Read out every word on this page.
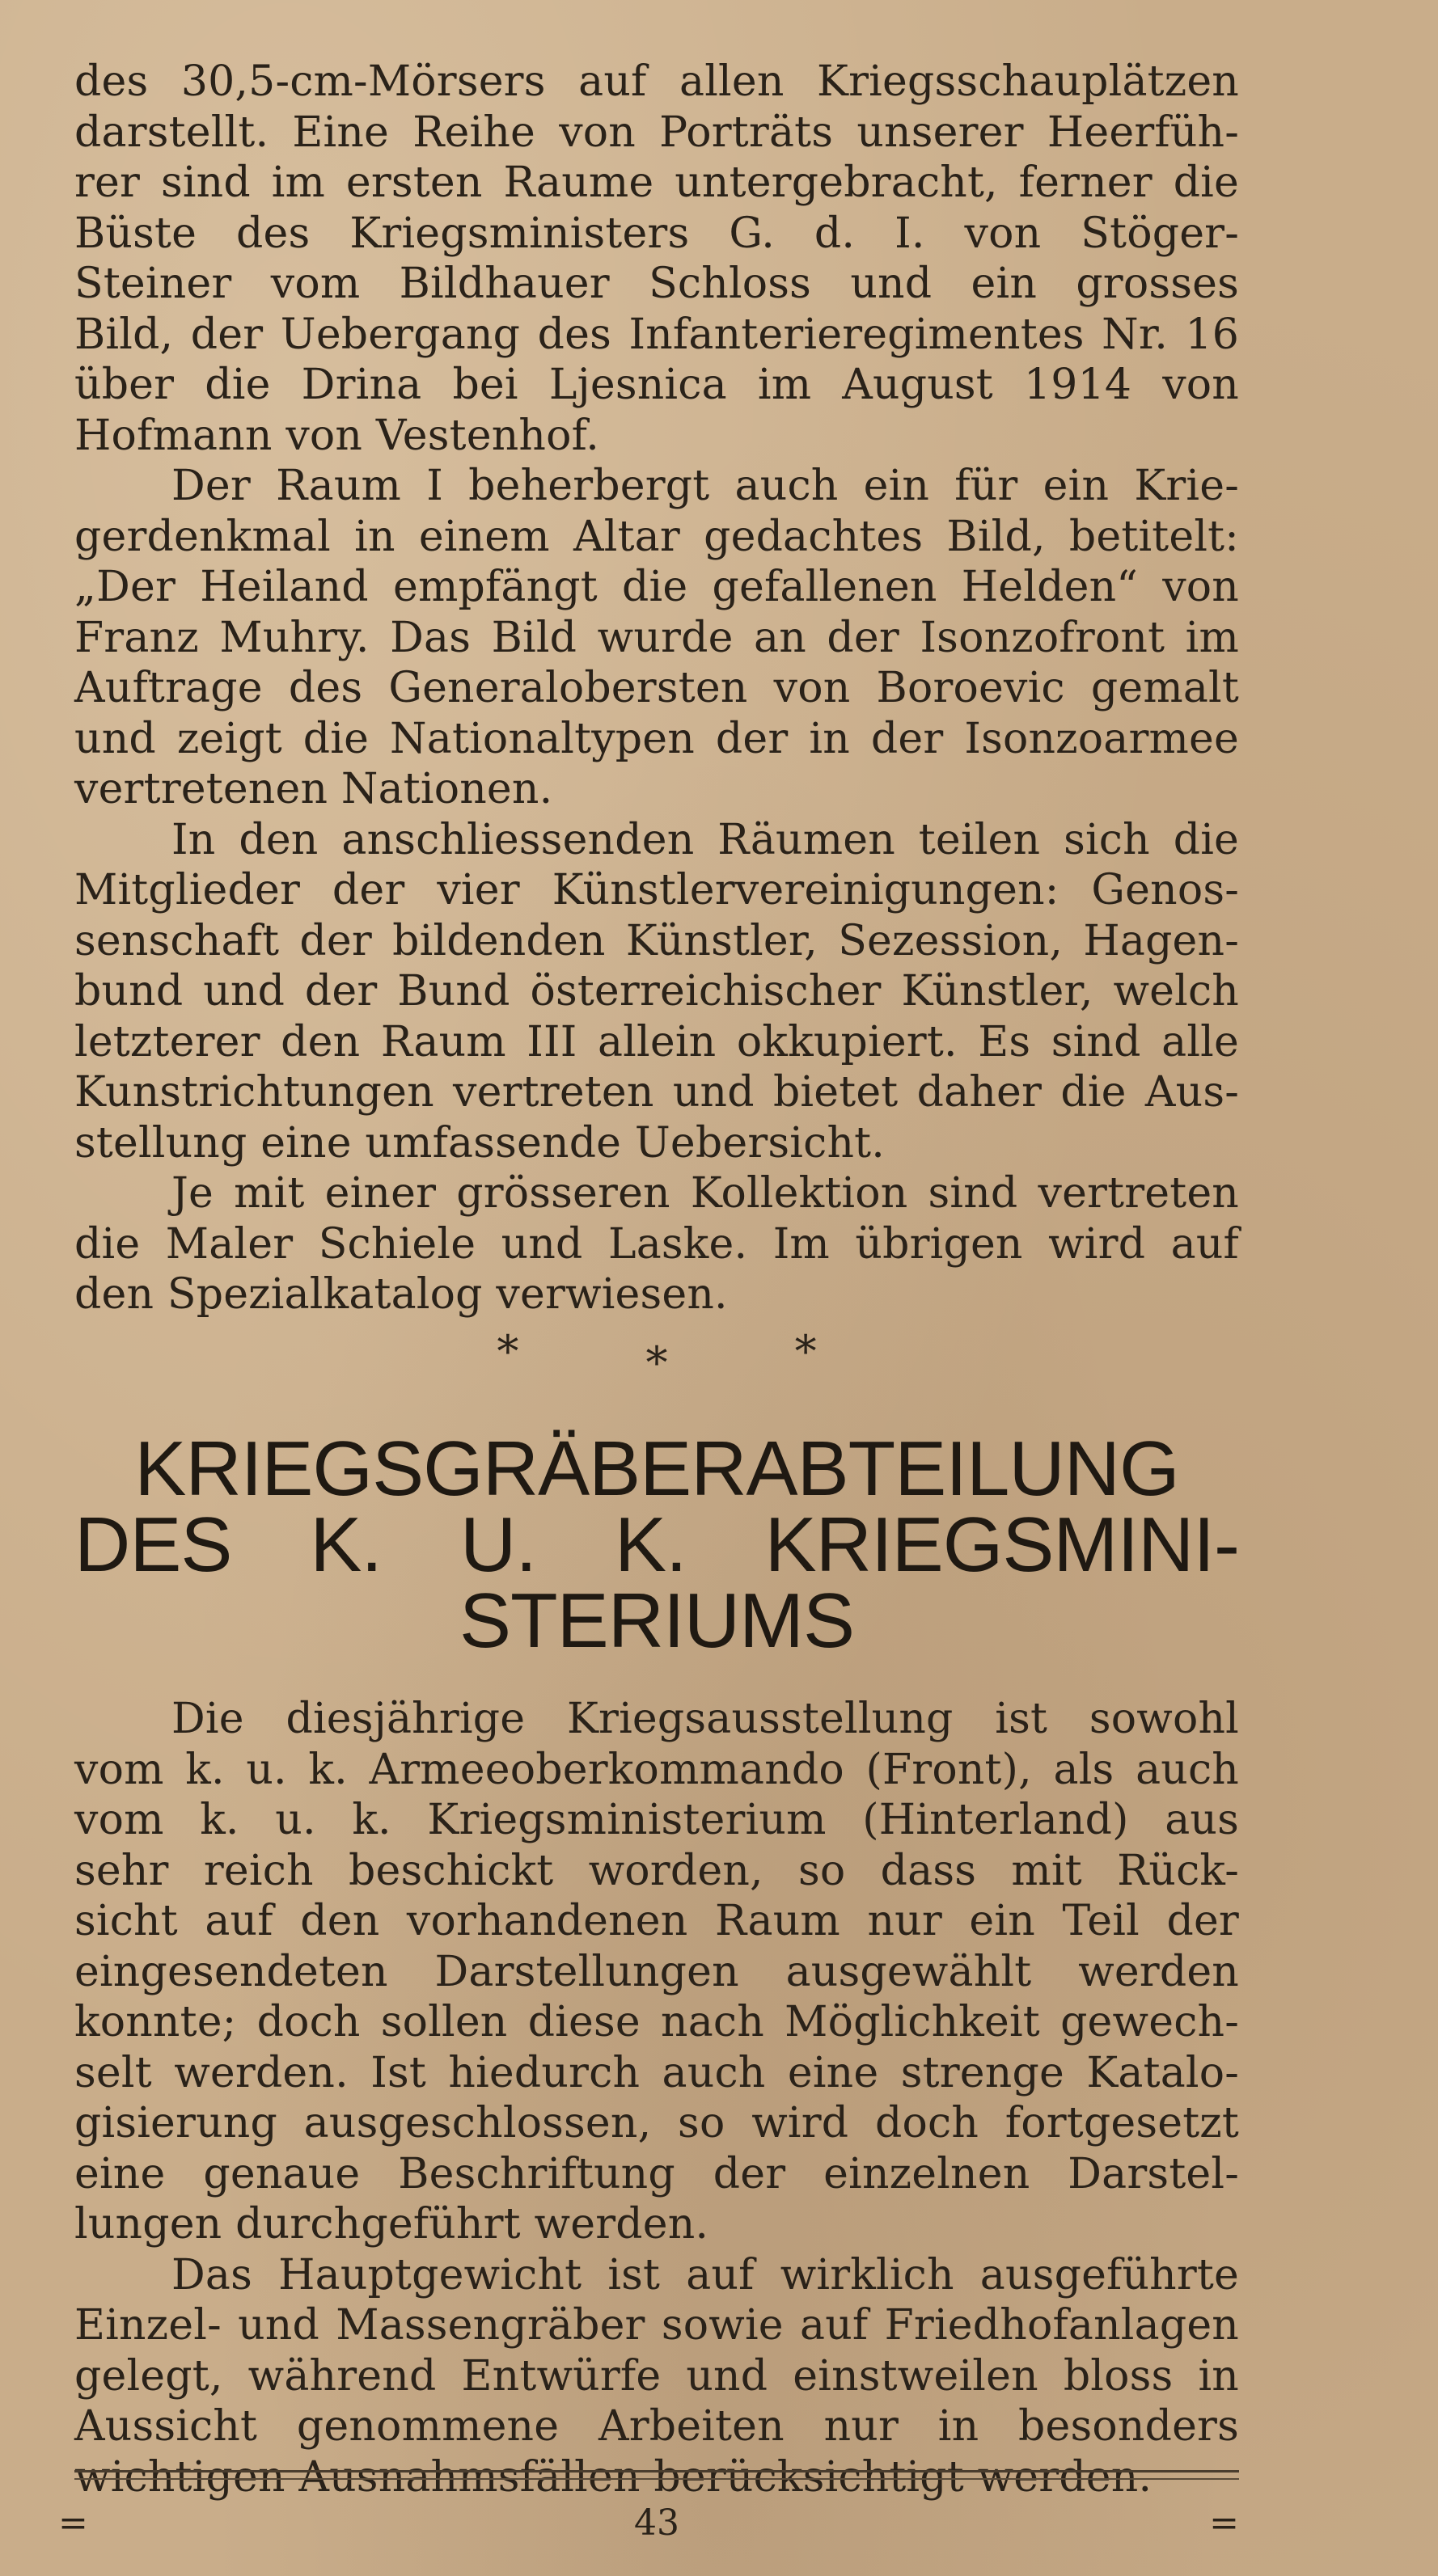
des 30,5-cm-Mörsers auf allen Kriegsschauplätzen
darstellt. Eine Reihe von Porträts unserer Heerfüh-
rer sind im ersten Raume untergebracht, ferner die
Büste des Kriegsministers G. d. I. von Stöger-
Steiner vom Bildhauer Schloss und ein grosses
Bild, der Uebergang des Infanterieregimentes Nr. 16
über die Drina bei Ljesnica im August 1914 von
Hofmann von Vestenhof.

Der Raum I beherbergt auch ein für ein Krie-
gerdenkmal in einem Altar gedachtes Bild, betitelt:
„Der Heiland empfängt die gefallenen Helden“ von
Franz Muhry. Das Bild wurde an der Isonzofront im
Auftrage des Generalobersten von Boroevic gemalt
und zeigt die Nationaltypen der in der Isonzoarmee
vertretenen Nationen.

In den anschliessenden Räumen teilen sich die
Mitglieder der vier Künstlervereinigungen: Genos-
senschaft der bildenden Künstler, Sezession, Hagen-
bund und der Bund österreichischer Künstler, welch
letzterer den Raum III allein okkupiert. Es sind alle
Kunstrichtungen vertreten und bietet daher die Aus-
stellung eine umfassende Uebersicht.

Je mit einer grösseren Kollektion sind vertreten
die Maler Schiele und Laske. Im übrigen wird auf
den Spezialkatalog verwiesen.

*	*	*
KRIEGSGRÄBERABTEILUNG
DES K. U. K. KRIEGSMINI-
STERIUMS

Die diesjährige Kriegsausstellung ist sowohl
vom k. u. k. Armeeoberkommando (Front), als auch
vom k. u. k. Kriegsministerium (Hinterland) aus
sehr reich beschickt worden, so dass mit Rück-
sicht auf den vorhandenen Raum nur ein Teil der
eingesendeten Darstellungen ausgewählt werden
konnte; doch sollen diese nach Möglichkeit gewech-
selt werden. Ist hiedurch auch eine strenge Katalo-
gisierung ausgeschlossen, so wird doch fortgesetzt
eine genaue Beschriftung der einzelnen Darstel-
lungen durchgeführt werden.

Das Hauptgewicht ist auf wirklich ausgeführte
Einzel- und Massengräber sowie auf Friedhofanlagen
gelegt, während Entwürfe und einstweilen bloss in
Aussicht genommene Arbeiten nur in besonders
wichtigen Ausnahmsfällen berücksichtigt werden.

=	43	=
